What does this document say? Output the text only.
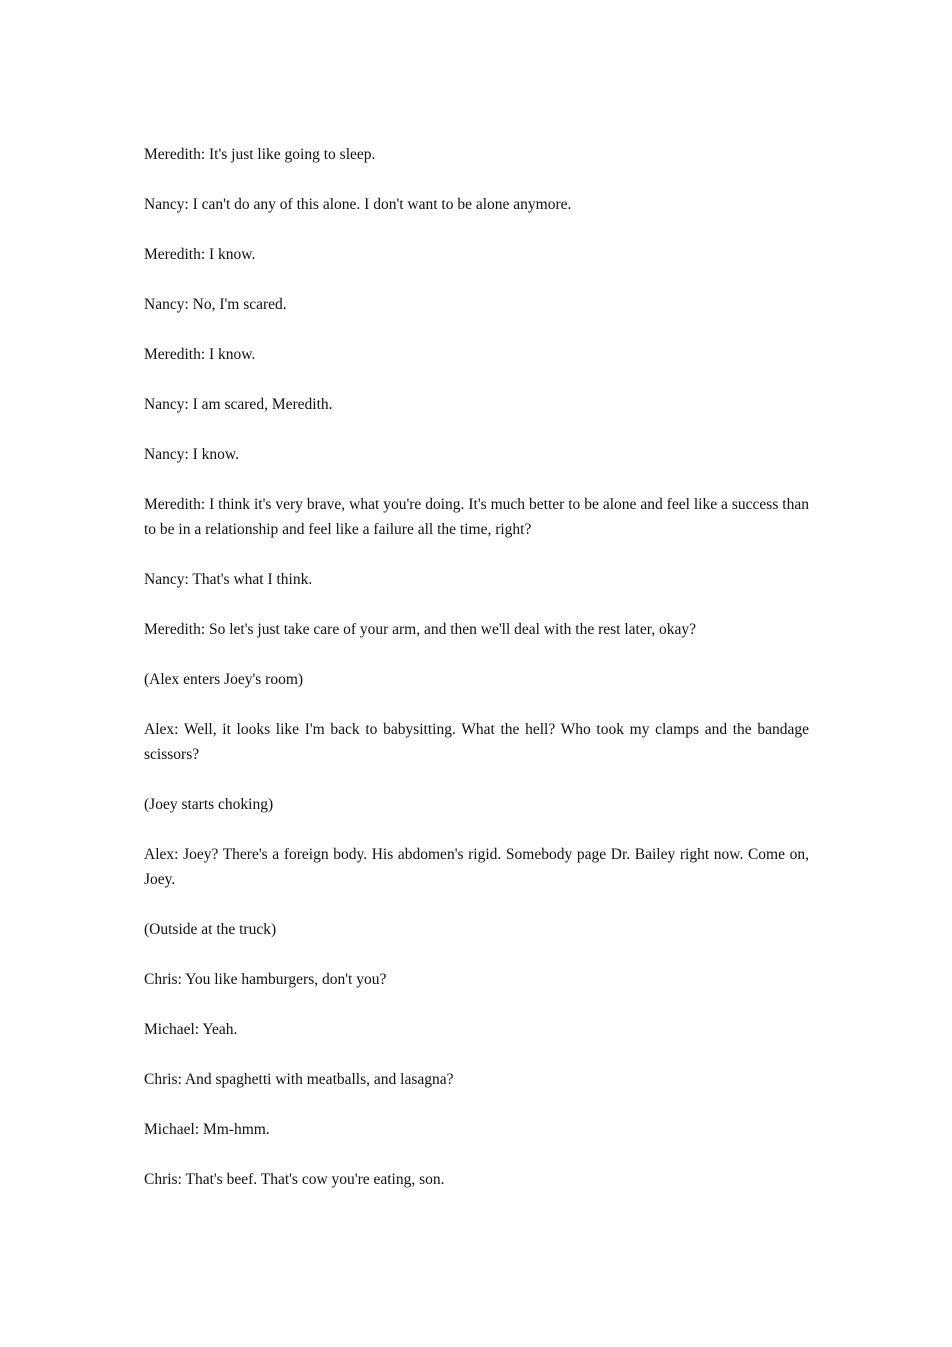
Meredith: It's just like going to sleep.

Nancy: I can't do any of this alone. I don't want to be alone anymore.

Meredith: I know.

Nancy: No, I'm scared.

Meredith: I know.

Nancy: I am scared, Meredith.

Nancy: I know.

Meredith: I think it's very brave, what you're doing. It's much better to be alone and feel like a success than to be in a relationship and feel like a failure all the time, right?

Nancy: That's what I think.

Meredith: So let's just take care of your arm, and then we'll deal with the rest later, okay?

(Alex enters Joey's room)

Alex: Well, it looks like I'm back to babysitting. What the hell? Who took my clamps and the bandage scissors?

(Joey starts choking)

Alex: Joey? There's a foreign body. His abdomen's rigid. Somebody page Dr. Bailey right now. Come on, Joey.

(Outside at the truck)

Chris: You like hamburgers, don't you?

Michael: Yeah.

Chris: And spaghetti with meatballs, and lasagna?

Michael: Mm-hmm.

Chris: That's beef. That's cow you're eating, son.
